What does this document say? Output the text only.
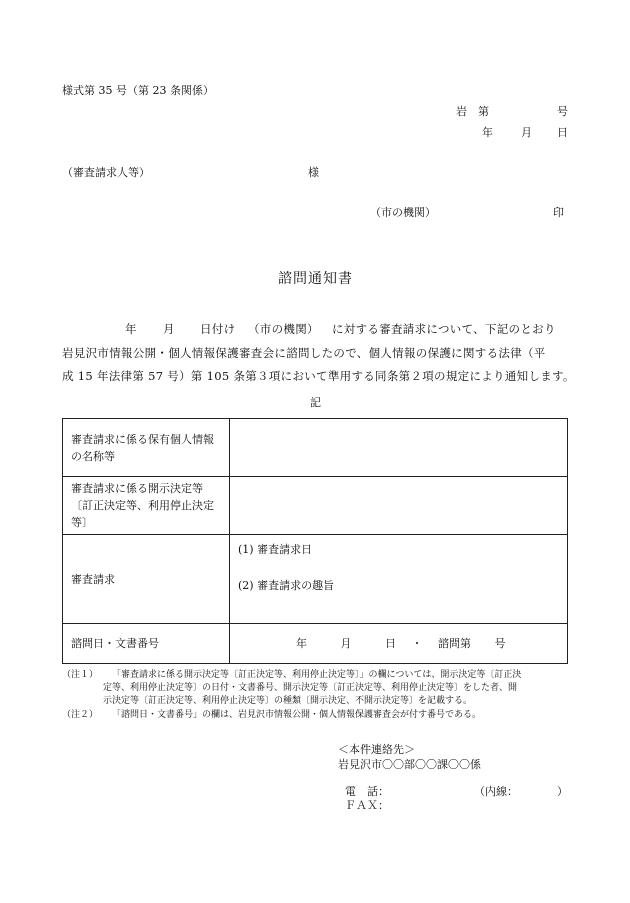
様式第 35 号（第 23 条関係）
岩　第	号
年	月 日
（審査請求人等）	様
（市の機関）	印
諮問通知書
年 月 日付け （市の機関） に対する審査請求について、下記のとおり
岩見沢市情報公開・個人情報保護審査会に諮問したので、個人情報の保護に関する法律（平
成 15 年法律第 57 号）第 105 条第３項において準用する同条第２項の規定により通知します。
記
審査請求に係る保有個人情報の名称等	
審査請求に係る開示決定等〔訂正決定等、利用停止決定等〕	
審査請求	(1) 審査請求日
(2) 審査請求の趣旨

諮問日・文書番号	年 月 日 ・ 諮問第 号
（注１） 「審査請求に係る開示決定等〔訂正決定等、利用停止決定等〕」の欄については、開示決定等〔訂正決
定等、利用停止決定等〕の日付・文書番号、開示決定等〔訂正決定等、利用停止決定等〕をした者、開
示決定等〔訂正決定等、利用停止決定等〕の種類〔開示決定、不開示決定等〕を記載する。
（注２） 「諮問日・文書番号」の欄は、岩見沢市情報公開・個人情報保護審査会が付す番号である。
＜本件連絡先＞
岩見沢市〇〇部〇〇課〇〇係
電　話：	（内線：	）
ＦＡＸ：
